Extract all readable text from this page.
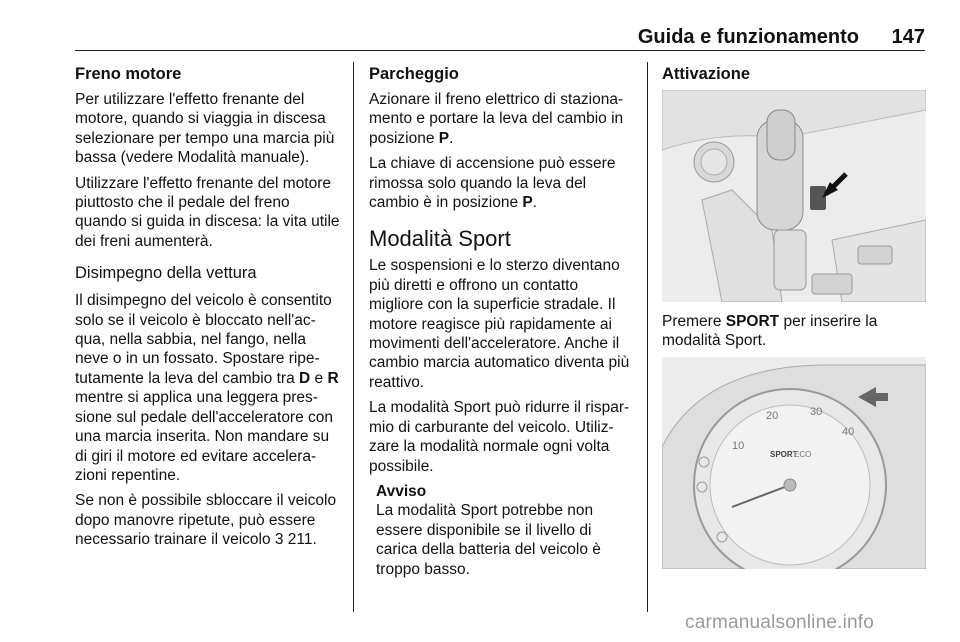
Guida e funzionamento 147
Freno motore

Per utilizzare l'effetto frenante del motore, quando si viaggia in discesa selezionare per tempo una marcia più bassa (vedere Modalità manuale).

Utilizzare l'effetto frenante del motore piuttosto che il pedale del freno quando si guida in discesa: la vita utile dei freni aumenterà.

Disimpegno della vettura

Il disimpegno del veicolo è consentito solo se il veicolo è bloccato nell'ac- qua, nella sabbia, nel fango, nella neve o in un fossato. Spostare ripe- tutamente la leva del cambio tra D e R mentre si applica una leggera pres- sione sul pedale dell'acceleratore con una marcia inserita. Non mandare su di giri il motore ed evitare accelera- zioni repentine.

Se non è possibile sbloccare il veicolo dopo manovre ripetute, può essere necessario trainare il veicolo 3 211.

Parcheggio

Azionare il freno elettrico di staziona- mento e portare la leva del cambio in posizione P.

La chiave di accensione può essere rimossa solo quando la leva del cambio è in posizione P.

Modalità Sport

Le sospensioni e lo sterzo diventano più diretti e offrono un contatto migliore con la superficie stradale. Il motore reagisce più rapidamente ai movimenti dell'acceleratore. Anche il cambio marcia automatico diventa più reattivo.

La modalità Sport può ridurre il rispar- mio di carburante del veicolo. Utiliz- zare la modalità normale ogni volta possibile.

Avviso
La modalità Sport potrebbe non essere disponibile se il livello di carica della batteria del veicolo è troppo basso.
Attivazione

Premere SPORT per inserire la modalità Sport.

10
20	30
40
SPORT
ECO
carmanualsonline.info
